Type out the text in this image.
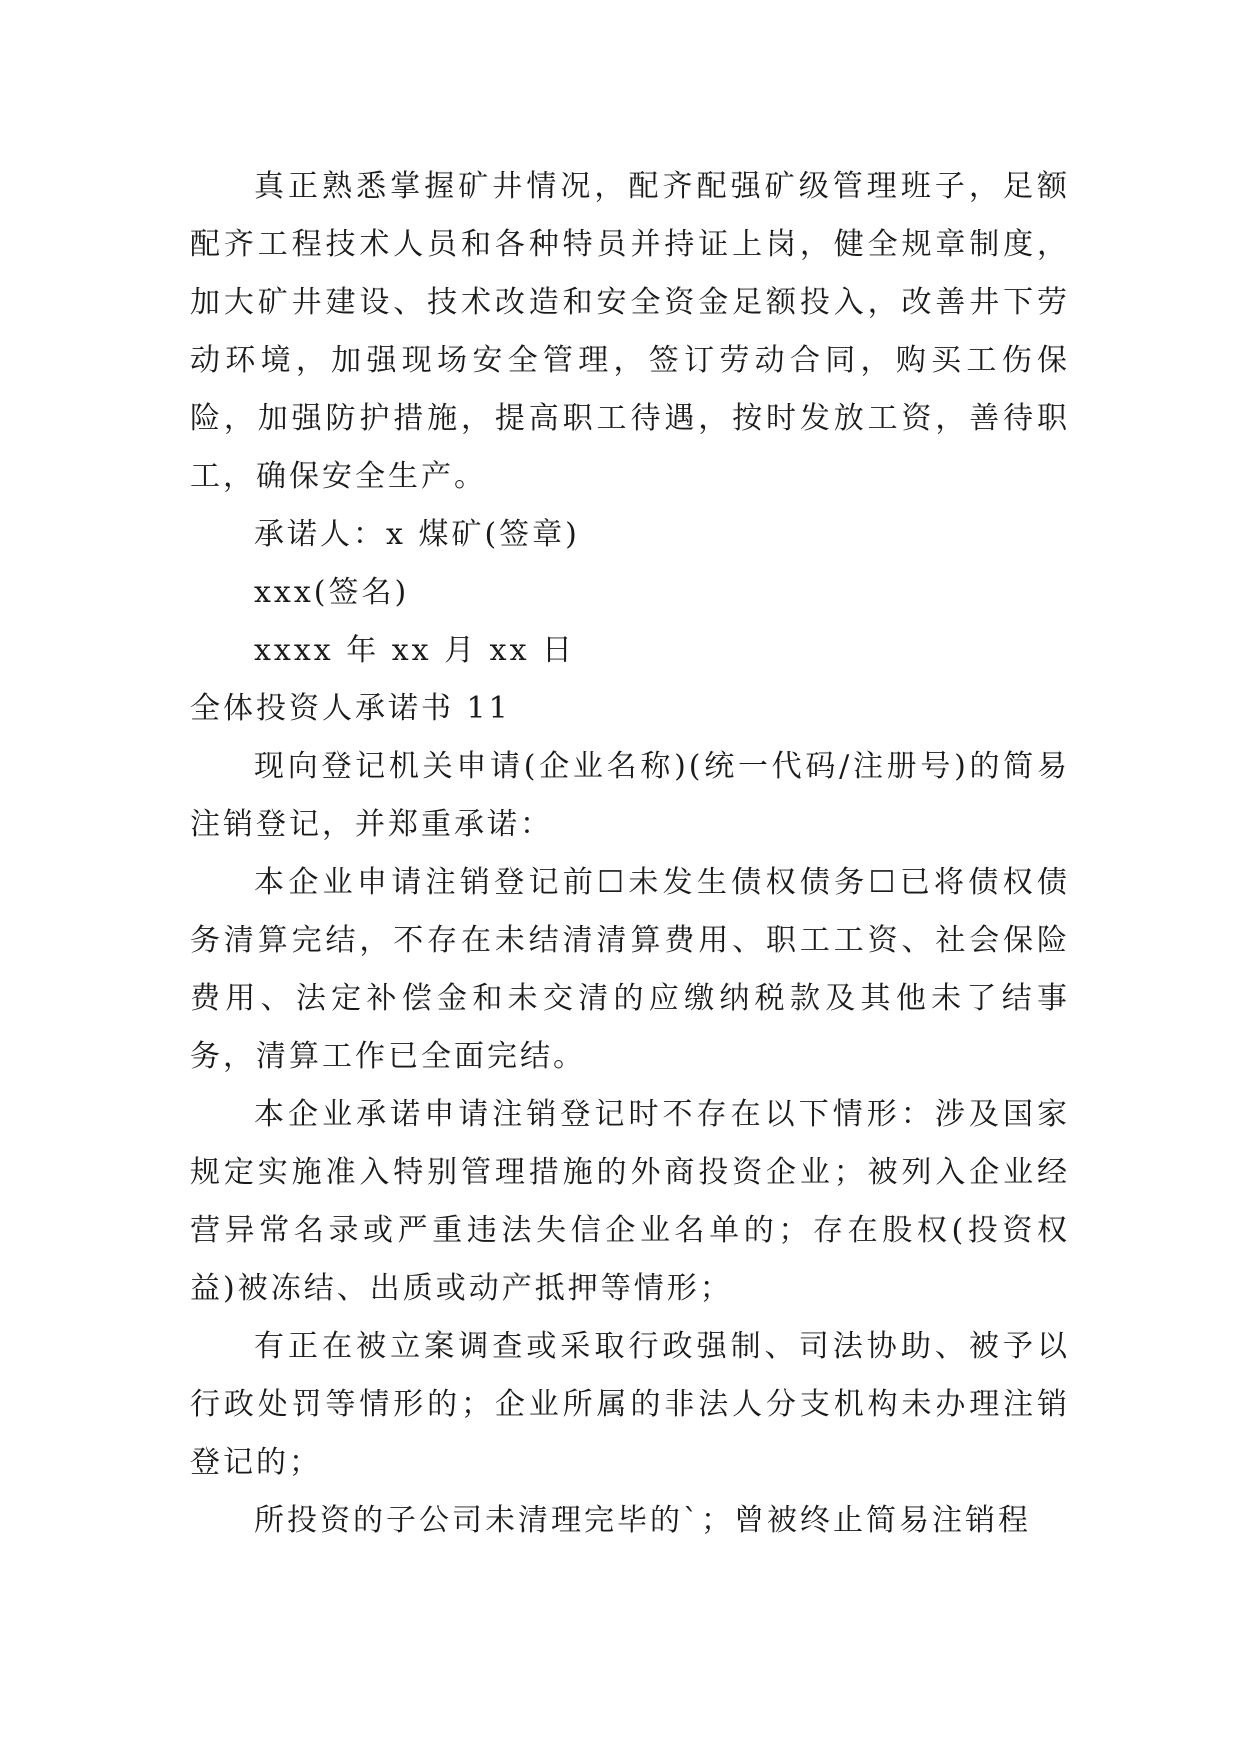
真正熟悉掌握矿井情况，配齐配强矿级管理班子，足额配齐工程技术人员和各种特员并持证上岗，健全规章制度，加大矿井建设、技术改造和安全资金足额投入，改善井下劳动环境，加强现场安全管理，签订劳动合同，购买工伤保险，加强防护措施，提高职工待遇，按时发放工资，善待职工，确保安全生产。

承诺人：x 煤矿(签章)

xxx(签名)

xxxx 年 xx 月 xx 日

全体投资人承诺书 11

现向登记机关申请(企业名称)(统一代码/注册号)的简易注销登记，并郑重承诺：

本企业申请注销登记前☐未发生债权债务☐已将债权债务清算完结，不存在未结清清算费用、职工工资、社会保险费用、法定补偿金和未交清的应缴纳税款及其他未了结事务，清算工作已全面完结。

本企业承诺申请注销登记时不存在以下情形：涉及国家规定实施准入特别管理措施的外商投资企业；被列入企业经营异常名录或严重违法失信企业名单的；存在股权(投资权益)被冻结、出质或动产抵押等情形；

有正在被立案调查或采取行政强制、司法协助、被予以行政处罚等情形的；企业所属的非法人分支机构未办理注销登记的；

所投资的子公司未清理完毕的`；曾被终止简易注销程
